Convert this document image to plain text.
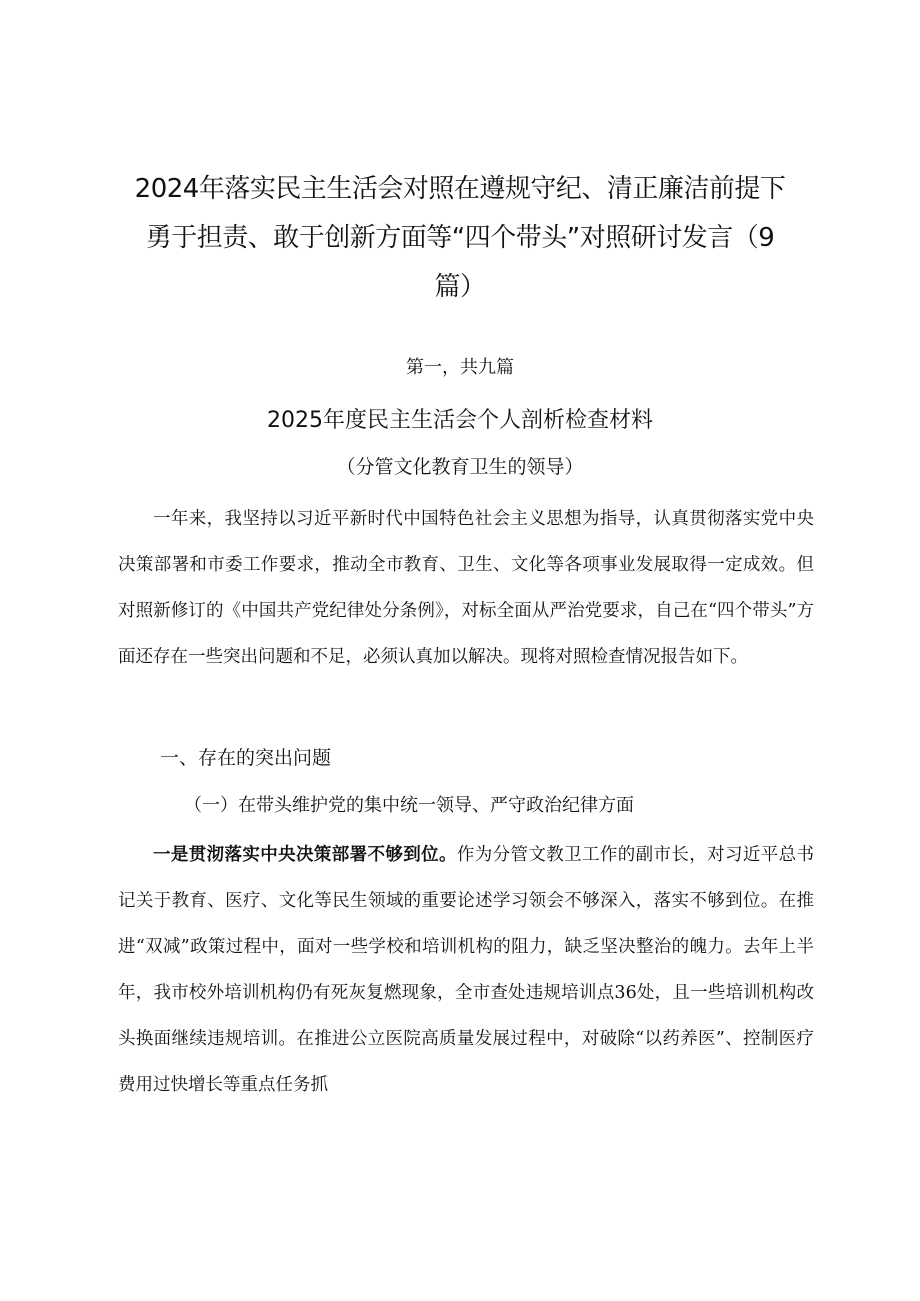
2024年落实民主生活会对照在遵规守纪、清正廉洁前提下勇于担责、敢于创新方面等“四个带头”对照研讨发言（9篇）

第一，共九篇

2025年度民主生活会个人剖析检查材料

（分管文化教育卫生的领导）

一年来，我坚持以习近平新时代中国特色社会主义思想为指导，认真贯彻落实党中央决策部署和市委工作要求，推动全市教育、卫生、文化等各项事业发展取得一定成效。但对照新修订的《中国共产党纪律处分条例》，对标全面从严治党要求，自己在“四个带头”方面还存在一些突出问题和不足，必须认真加以解决。现将对照检查情况报告如下。

一、存在的突出问题
（一）在带头维护党的集中统一领导、严守政治纪律方面

一是贯沏落实中央决策部署不够到位。作为分管文教卫工作的副市长，对习近平总书记关于教育、医疗、文化等民生领域的重要论述学习领会不够深入，落实不够到位。在推进“双减”政策过程中，面对一些学校和培训机构的阻力，缺乏坚决整治的魄力。去年上半年，我市校外培训机构仍有死灰复燃现象，全市查处违规培训点36处，且一些培训机构改头换面继续违规培训。在推进公立医院高质量发展过程中，对破除“以药养医”、控制医疗费用过快增长等重点任务抓
